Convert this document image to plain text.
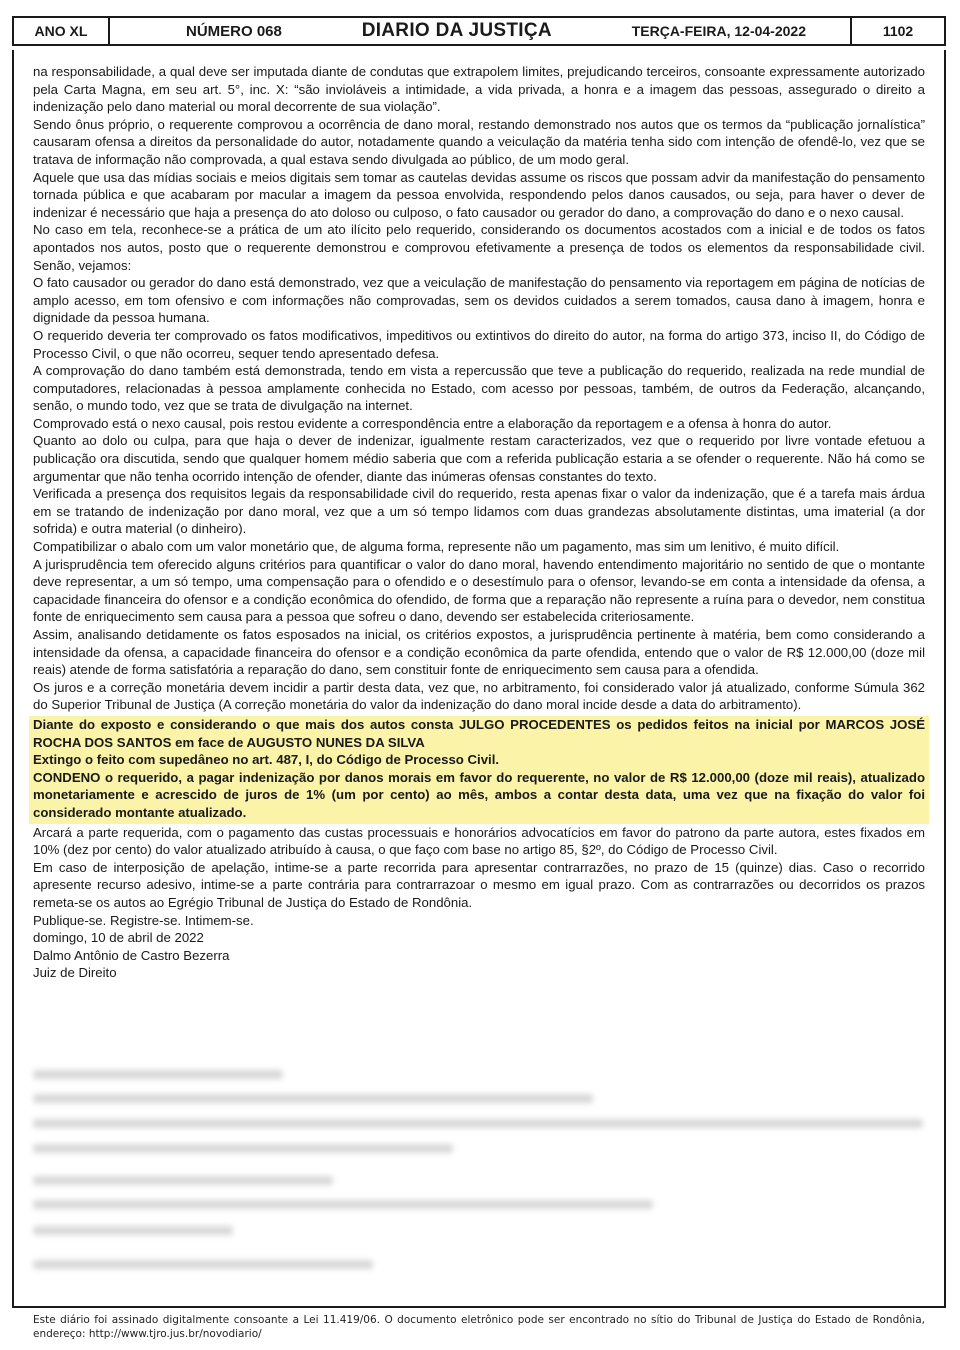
ANO XL	NÚMERO 068	DIARIO DA JUSTIÇA	TERÇA-FEIRA, 12-04-2022	1102

na responsabilidade, a qual deve ser imputada diante de condutas que extrapolem limites, prejudicando terceiros, consoante expressamente autorizado pela Carta Magna, em seu art. 5°, inc. X: “são invioláveis a intimidade, a vida privada, a honra e a imagem das pessoas, assegurado o direito a indenização pelo dano material ou moral decorrente de sua violação”.

Sendo ônus próprio, o requerente comprovou a ocorrência de dano moral, restando demonstrado nos autos que os termos da “publicação jornalística” causaram ofensa a direitos da personalidade do autor, notadamente quando a veiculação da matéria tenha sido com intenção de ofendê-lo, vez que se tratava de informação não comprovada, a qual estava sendo divulgada ao público, de um modo geral.

Aquele que usa das mídias sociais e meios digitais sem tomar as cautelas devidas assume os riscos que possam advir da manifestação do pensamento tornada pública e que acabaram por macular a imagem da pessoa envolvida, respondendo pelos danos causados, ou seja, para haver o dever de indenizar é necessário que haja a presença do ato doloso ou culposo, o fato causador ou gerador do dano, a comprovação do dano e o nexo causal.

No caso em tela, reconhece-se a prática de um ato ilícito pelo requerido, considerando os documentos acostados com a inicial e de todos os fatos apontados nos autos, posto que o requerente demonstrou e comprovou efetivamente a presença de todos os elementos da responsabilidade civil. Senão, vejamos:

O fato causador ou gerador do dano está demonstrado, vez que a veiculação de manifestação do pensamento via reportagem em página de notícias de amplo acesso, em tom ofensivo e com informações não comprovadas, sem os devidos cuidados a serem tomados, causa dano à imagem, honra e dignidade da pessoa humana.

O requerido deveria ter comprovado os fatos modificativos, impeditivos ou extintivos do direito do autor, na forma do artigo 373, inciso II, do Código de Processo Civil, o que não ocorreu, sequer tendo apresentado defesa.

A comprovação do dano também está demonstrada, tendo em vista a repercussão que teve a publicação do requerido, realizada na rede mundial de computadores, relacionadas à pessoa amplamente conhecida no Estado, com acesso por pessoas, também, de outros da Federação, alcançando, senão, o mundo todo, vez que se trata de divulgação na internet.

Comprovado está o nexo causal, pois restou evidente a correspondência entre a elaboração da reportagem e a ofensa à honra do autor.

Quanto ao dolo ou culpa, para que haja o dever de indenizar, igualmente restam caracterizados, vez que o requerido por livre vontade efetuou a publicação ora discutida, sendo que qualquer homem médio saberia que com a referida publicação estaria a se ofender o requerente. Não há como se argumentar que não tenha ocorrido intenção de ofender, diante das inúmeras ofensas constantes do texto.

Verificada a presença dos requisitos legais da responsabilidade civil do requerido, resta apenas fixar o valor da indenização, que é a tarefa mais árdua em se tratando de indenização por dano moral, vez que a um só tempo lidamos com duas grandezas absolutamente distintas, uma imaterial (a dor sofrida) e outra material (o dinheiro).

Compatibilizar o abalo com um valor monetário que, de alguma forma, represente não um pagamento, mas sim um lenitivo, é muito difícil.

A jurisprudência tem oferecido alguns critérios para quantificar o valor do dano moral, havendo entendimento majoritário no sentido de que o montante deve representar, a um só tempo, uma compensação para o ofendido e o desestímulo para o ofensor, levando-se em conta a intensidade da ofensa, a capacidade financeira do ofensor e a condição econômica do ofendido, de forma que a reparação não represente a ruína para o devedor, nem constitua fonte de enriquecimento sem causa para a pessoa que sofreu o dano, devendo ser estabelecida criteriosamente.

Assim, analisando detidamente os fatos esposados na inicial, os critérios expostos, a jurisprudência pertinente à matéria, bem como considerando a intensidade da ofensa, a capacidade financeira do ofensor e a condição econômica da parte ofendida, entendo que o valor de R$ 12.000,00 (doze mil reais) atende de forma satisfatória a reparação do dano, sem constituir fonte de enriquecimento sem causa para a ofendida.

Os juros e a correção monetária devem incidir a partir desta data, vez que, no arbitramento, foi considerado valor já atualizado, conforme Súmula 362 do Superior Tribunal de Justiça (A correção monetária do valor da indenização do dano moral incide desde a data do arbitramento).

Diante do exposto e considerando o que mais dos autos consta JULGO PROCEDENTES os pedidos feitos na inicial por MARCOS JOSÉ ROCHA DOS SANTOS em face de AUGUSTO NUNES DA SILVA

Extingo o feito com supedâneo no art. 487, I, do Código de Processo Civil.

CONDENO o requerido, a pagar indenização por danos morais em favor do requerente, no valor de R$ 12.000,00 (doze mil reais), atualizado monetariamente e acrescido de juros de 1% (um por cento) ao mês, ambos a contar desta data, uma vez que na fixação do valor foi considerado montante atualizado.

Arcará a parte requerida, com o pagamento das custas processuais e honorários advocatícios em favor do patrono da parte autora, estes fixados em 10% (dez por cento) do valor atualizado atribuído à causa, o que faço com base no artigo 85, §2º, do Código de Processo Civil.

Em caso de interposição de apelação, intime-se a parte recorrida para apresentar contrarrazões, no prazo de 15 (quinze) dias. Caso o recorrido apresente recurso adesivo, intime-se a parte contrária para contrarrazoar o mesmo em igual prazo. Com as contrarrazões ou decorridos os prazos remeta-se os autos ao Egrégio Tribunal de Justiça do Estado de Rondônia.

Publique-se. Registre-se. Intimem-se.

domingo, 10 de abril de 2022

Dalmo Antônio de Castro Bezerra

Juiz de Direito

Este diário foi assinado digitalmente consoante a Lei 11.419/06. O documento eletrônico pode ser encontrado no sítio do Tribunal de Justiça do Estado de Rondônia, endereço: http://www.tjro.jus.br/novodiario/
